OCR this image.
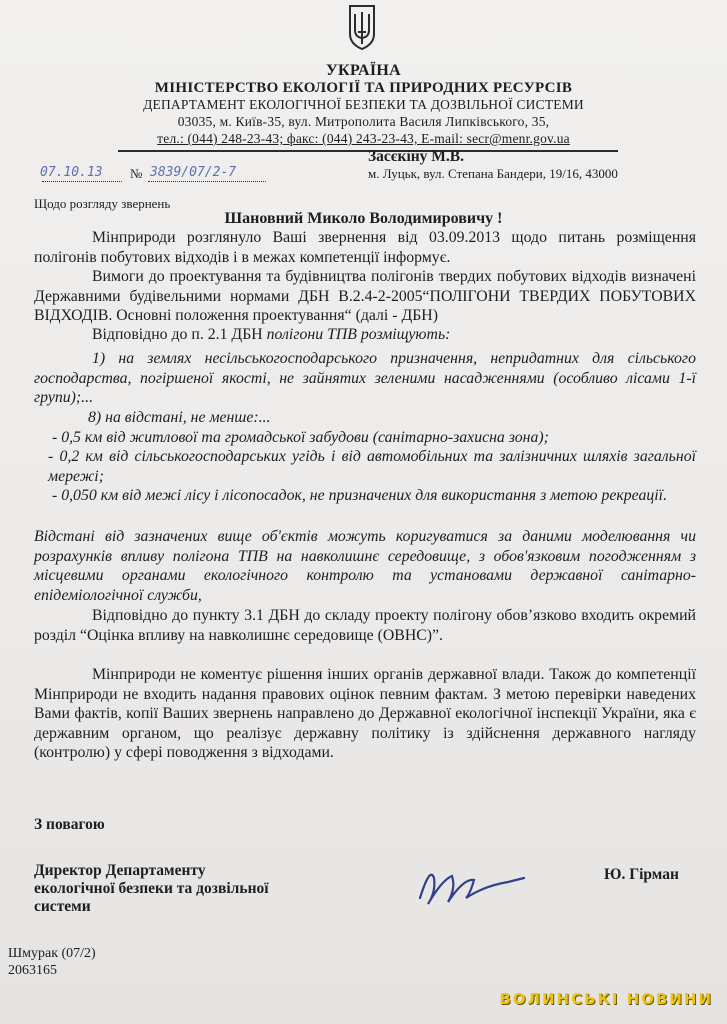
УКРАЇНА
МІНІСТЕРСТВО ЕКОЛОГІЇ ТА ПРИРОДНИХ РЕСУРСІВ
ДЕПАРТАМЕНТ ЕКОЛОГІЧНОЇ БЕЗПЕКИ ТА ДОЗВІЛЬНОЇ СИСТЕМИ
03035, м. Київ-35, вул. Митрополита Василя Липківського, 35,
тел.: (044) 248-23-43; факс: (044) 243-23-43, E-mail: secr@menr.gov.ua
07.10.13 № 3839/07/2-7
Засєкіну М.В.
м. Луцьк, вул. Степана Бандери, 19/16, 43000
Щодо розгляду звернень
Шановний Миколо Володимировичу !
Мінприроди розглянуло Ваші звернення від 03.09.2013 щодо питань розміщення полігонів побутових відходів і в межах компетенції інформує.
Вимоги до проектування та будівництва полігонів твердих побутових відходів визначені Державними будівельними нормами ДБН В.2.4-2-2005“ПОЛІГОНИ ТВЕРДИХ ПОБУТОВИХ ВІДХОДІВ. Основні положення проектування“ (далі - ДБН)
Відповідно до п. 2.1 ДБН полігони ТПВ розміщують:
1) на землях несільськогосподарського призначення, непридатних для сільського господарства, погіршеної якості, не зайнятих зеленими насадженнями (особливо лісами 1-ї групи);...
8) на відстані, не менше:...
- 0,5 км від житлової та громадської забудови (санітарно-захисна зона);
- 0,2 км від сільськогосподарських угідь і від автомобільних та залізничних шляхів загальної мережі;
- 0,050 км від межі лісу і лісопосадок, не призначених для використання з метою рекреації.
Відстані від зазначених вище об'єктів можуть коригуватися за даними моделювання чи розрахунків впливу полігона ТПВ на навколишнє середовище, з обов'язковим погодженням з місцевими органами екологічного контролю та установами державної санітарно-епідеміологічної служби,
Відповідно до пункту 3.1 ДБН до складу проекту полігону обов’язково входить окремий розділ “Оцінка впливу на навколишнє середовище (ОВНС)”.
Мінприроди не коментує рішення інших органів державної влади. Також до компетенції Мінприроди не входить надання правових оцінок певним фактам. З метою перевірки наведених Вами фактів, копії Ваших звернень направлено до Державної екологічної інспекції України, яка є державним органом, що реалізує державну політику із здійснення державного нагляду (контролю) у сфері поводження з відходами.
З повагою
Директор Департаменту
екологічної безпеки та дозвільної
системи
Ю. Гірман
Шмурак (07/2)
2063165
ВОЛИНСЬКІ НОВИНИ
